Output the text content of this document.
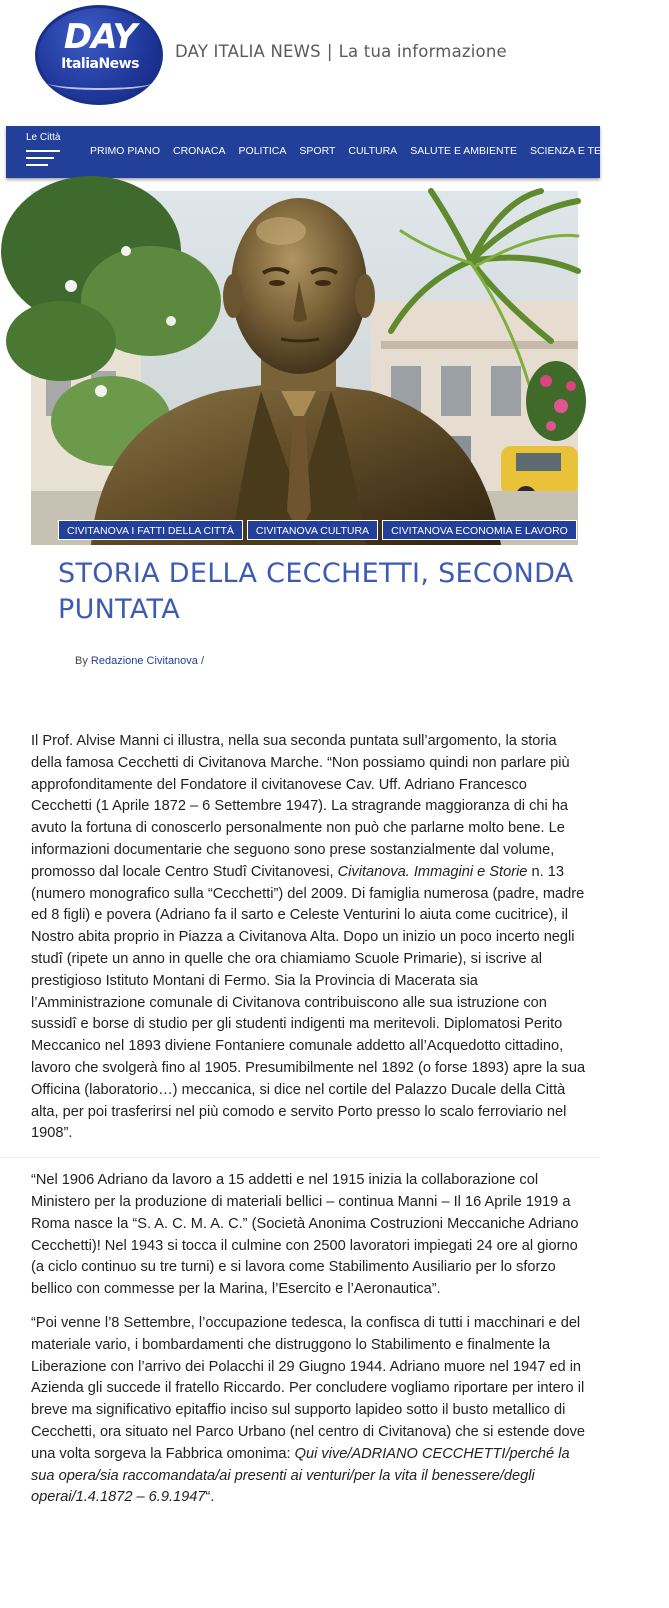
DAY
ItaliaNews
DAY ITALIA NEWS | La tua informazione
Le Città
PRIMO PIANO CRONACA POLITICA SPORT CULTURA SALUTE E AMBIENTE SCIENZA E TECNOLOGIA
CIVITANOVA I FATTI DELLA CITTÀ CIVITANOVA CULTURA CIVITANOVA ECONOMIA E LAVORO
STORIA DELLA CECCHETTI, SECONDA PUNTATA
By Redazione Civitanova /

Il Prof. Alvise Manni ci illustra, nella sua seconda puntata sull’argomento, la storia della famosa Cecchetti di Civitanova Marche. “Non possiamo quindi non parlare più approfonditamente del Fondatore il civitanovese Cav. Uff. Adriano Francesco Cecchetti (1 Aprile 1872 – 6 Settembre 1947). La stragrande maggioranza di chi ha avuto la fortuna di conoscerlo personalmente non può che parlarne molto bene. Le informazioni documentarie che seguono sono prese sostanzialmente dal volume, promosso dal locale Centro Studî Civitanovesi, Civitanova. Immagini e Storie n. 13 (numero monografico sulla “Cecchetti”) del 2009. Di famiglia numerosa (padre, madre ed 8 figli) e povera (Adriano fa il sarto e Celeste Venturini lo aiuta come cucitrice), il Nostro abita proprio in Piazza a Civitanova Alta. Dopo un inizio un poco incerto negli studî (ripete un anno in quelle che ora chiamiamo Scuole Primarie), si iscrive al prestigioso Istituto Montani di Fermo. Sia la Provincia di Macerata sia l’Amministrazione comunale di Civitanova contribuiscono alle sua istruzione con sussidî e borse di studio per gli studenti indigenti ma meritevoli. Diplomatosi Perito Meccanico nel 1893 diviene Fontaniere comunale addetto all’Acquedotto cittadino, lavoro che svolgerà fino al 1905. Presumibilmente nel 1892 (o forse 1893) apre la sua Officina (laboratorio…) meccanica, si dice nel cortile del Palazzo Ducale della Città alta, per poi trasferirsi nel più comodo e servito Porto presso lo scalo ferroviario nel 1908”.

“Nel 1906 Adriano da lavoro a 15 addetti e nel 1915 inizia la collaborazione col Ministero per la produzione di materiali bellici – continua Manni – Il 16 Aprile 1919 a Roma nasce la “S. A. C. M. A. C.” (Società Anonima Costruzioni Meccaniche Adriano Cecchetti)! Nel 1943 si tocca il culmine con 2500 lavoratori impiegati 24 ore al giorno (a ciclo continuo su tre turni) e si lavora come Stabilimento Ausiliario per lo sforzo bellico con commesse per la Marina, l’Esercito e l’Aeronautica”.

“Poi venne l’8 Settembre, l’occupazione tedesca, la confisca di tutti i macchinari e del materiale vario, i bombardamenti che distruggono lo Stabilimento e finalmente la Liberazione con l’arrivo dei Polacchi il 29 Giugno 1944. Adriano muore nel 1947 ed in Azienda gli succede il fratello Riccardo. Per concludere vogliamo riportare per intero il breve ma significativo epitaffio inciso sul supporto lapideo sotto il busto metallico di Cecchetti, ora situato nel Parco Urbano (nel centro di Civitanova) che si estende dove una volta sorgeva la Fabbrica omonima: Qui vive/ADRIANO CECCHETTI/perché la sua opera/sia raccomandata/ai presenti ai venturi/per la vita il benessere/degli operai/1.4.1872 – 6.9.1947“.
